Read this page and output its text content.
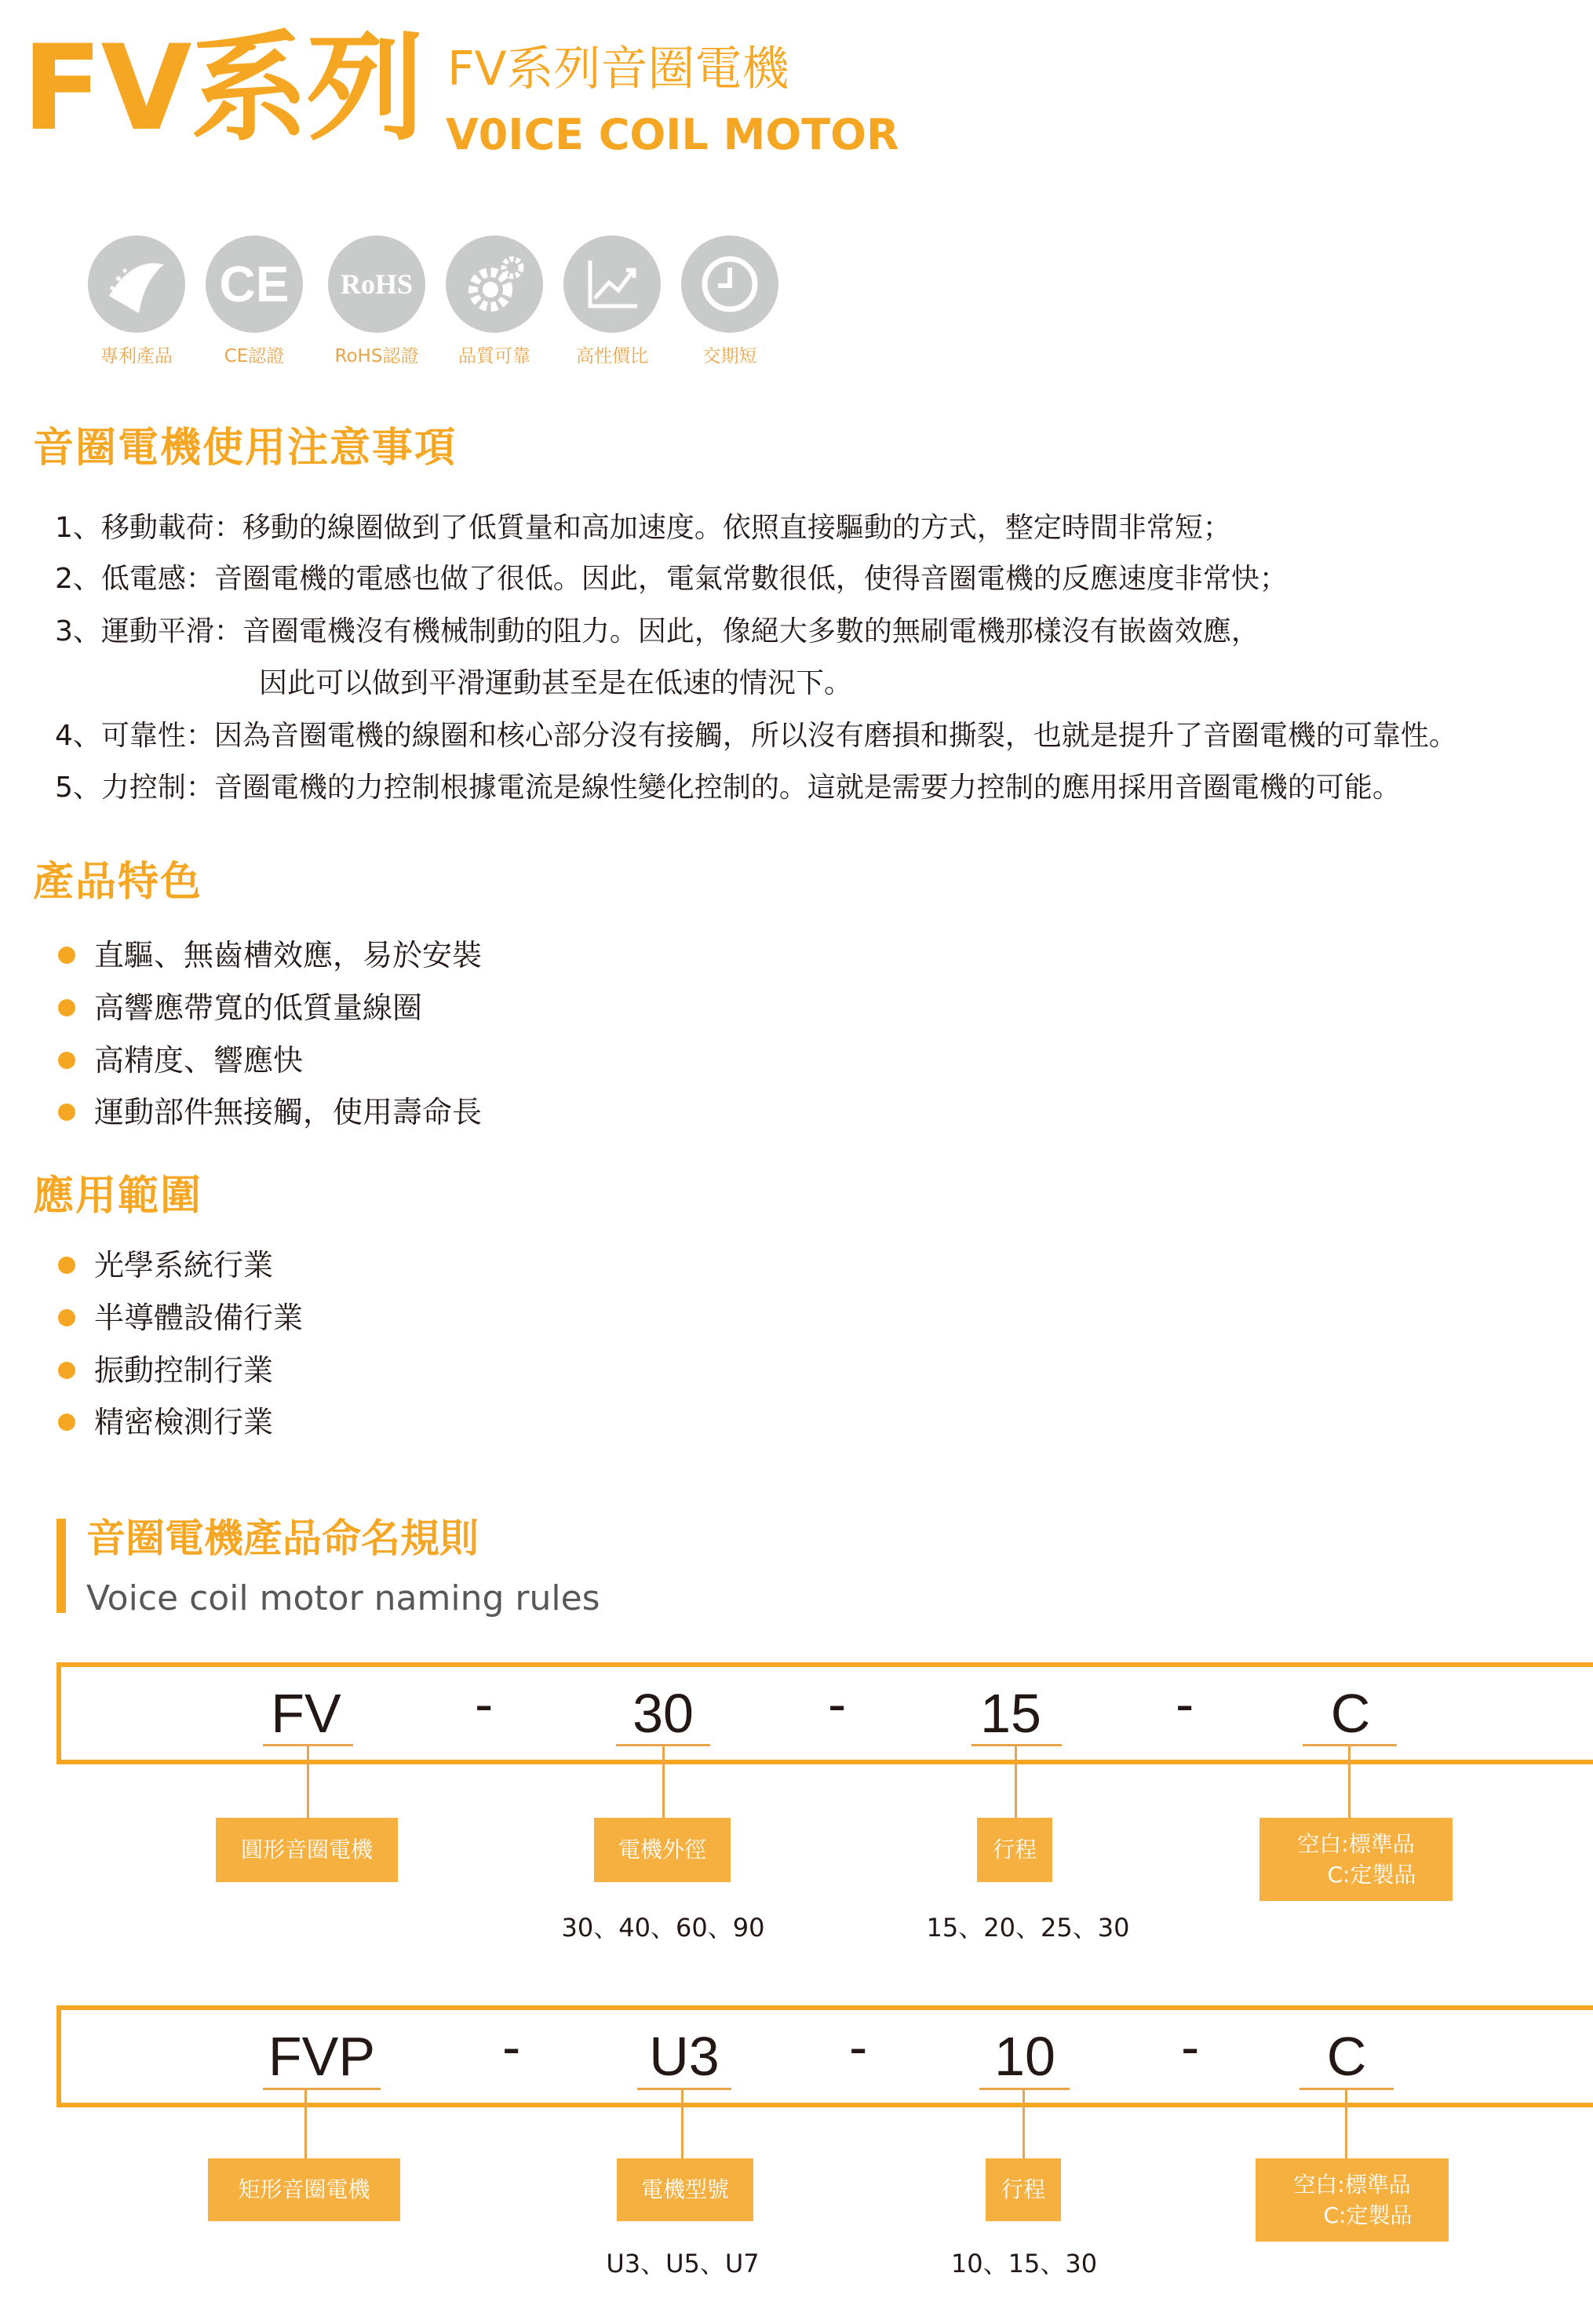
FV系列 FV系列音圈電機
V0ICE COIL MOTOR
專利產品
CE
CE認證
RoHS
RoHS認證	品質可靠	高性價比	交期短
音圈電機使用注意事項
1、移動載荷：移動的線圈做到了低質量和高加速度。依照直接驅動的方式，整定時間非常短；
2、低電感：音圈電機的電感也做了很低。因此，電氣常數很低，使得音圈電機的反應速度非常快；
3、運動平滑：音圈電機沒有機械制動的阻力。因此，像絕大多數的無刷電機那樣沒有嵌齒效應，
因此可以做到平滑運動甚至是在低速的情況下。
4、可靠性：因為音圈電機的線圈和核心部分沒有接觸，所以沒有磨損和撕裂，也就是提升了音圈電機的可靠性。
5、力控制：音圈電機的力控制根據電流是線性變化控制的。這就是需要力控制的應用採用音圈電機的可能。
產品特色
直驅、無齒槽效應，易於安裝
高響應帶寬的低質量線圈
高精度、響應快
運動部件無接觸，使用壽命長
應用範圍
光學系統行業
半導體設備行業
振動控制行業
精密檢測行業
音圈電機產品命名規則
Voice coil motor naming rules
FV -	30	-	15	-	C
圓形音圈電機	電機外徑	行程	空白:標準品
C:定製品
30、40、60、90	15、20、25、30
FVP - U3 -	10	-	C
矩形音圈電機	電機型號	行程	空白:標準品
C:定製品
U3、U5、U7	10、15、30
